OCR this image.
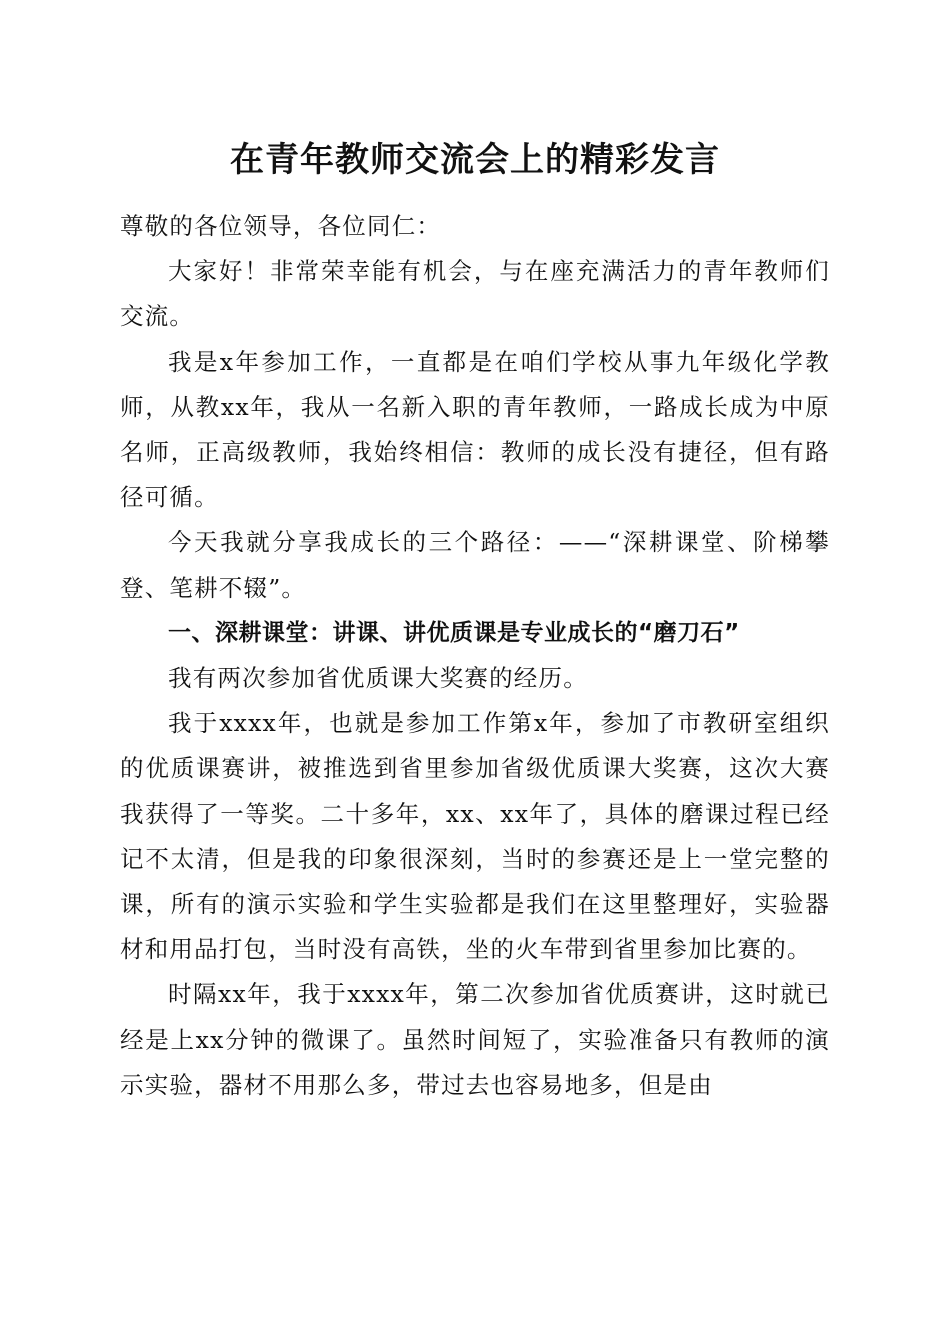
在青年教师交流会上的精彩发言

尊敬的各位领导，各位同仁：

大家好！非常荣幸能有机会，与在座充满活力的青年教师们交流。

我是x年参加工作，一直都是在咱们学校从事九年级化学教师，从教xx年，我从一名新入职的青年教师，一路成长成为中原名师，正高级教师，我始终相信：教师的成长没有捷径，但有路径可循。

今天我就分享我成长的三个路径：——“深耕课堂、阶梯攀登、笔耕不辍”。

一、深耕课堂：讲课、讲优质课是专业成长的“磨刀石”

我有两次参加省优质课大奖赛的经历。

我于xxxx年，也就是参加工作第x年，参加了市教研室组织的优质课赛讲，被推选到省里参加省级优质课大奖赛，这次大赛我获得了一等奖。二十多年，xx、xx年了，具体的磨课过程已经记不太清，但是我的印象很深刻，当时的参赛还是上一堂完整的课，所有的演示实验和学生实验都是我们在这里整理好，实验器材和用品打包，当时没有高铁，坐的火车带到省里参加比赛的。

时隔xx年，我于xxxx年，第二次参加省优质赛讲，这时就已经是上xx分钟的微课了。虽然时间短了，实验准备只有教师的演示实验，器材不用那么多，带过去也容易地多，但是由
